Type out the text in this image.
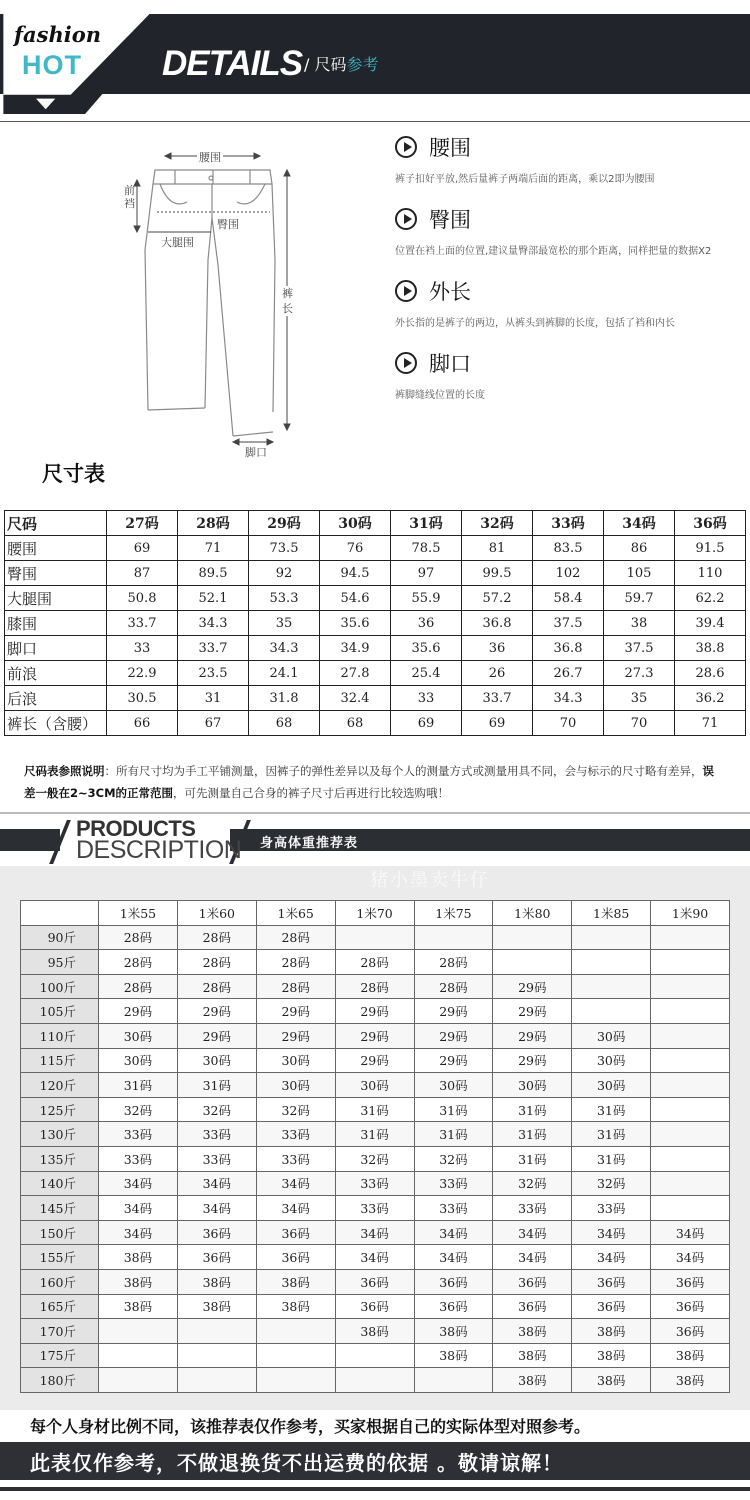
fashion
HOT DETAILS / 尺码参考
腰围
前裆
臀围
大腿围
裤长
脚口
腰围
裤子扣好平放,然后量裤子两端后面的距离，乘以2即为腰围
臀围
位置在裆上面的位置,建议量臀部最宽松的那个距离，同样把量的数据X2
外长
外长指的是裤子的两边，从裤头到裤脚的长度，包括了裆和内长
脚口
裤脚缝线位置的长度
尺寸表
尺码	27码	28码	29码	30码	31码	32码	33码	34码	36码
腰围	69	71	73.5	76	78.5	81	83.5	86	91.5
臀围	87	89.5	92	94.5	97	99.5	102	105	110
大腿围	50.8	52.1	53.3	54.6	55.9	57.2	58.4	59.7	62.2
膝围	33.7	34.3	35	35.6	36	36.8	37.5	38	39.4
脚口	33	33.7	34.3	34.9	35.6	36	36.8	37.5	38.8
前浪	22.9	23.5	24.1	27.8	25.4	26	26.7	27.3	28.6
后浪	30.5	31	31.8	32.4	33	33.7	34.3	35	36.2
裤长（含腰）	66	67	68	68	69	69	70	70	71
尺码表参照说明：所有尺寸均为手工平铺测量，因裤子的弹性差异以及每个人的测量方式或测量用具不同，会与标示的尺寸略有差异，误差一般在2~3CM的正常范围，可先测量自己合身的裤子尺寸后再进行比较选购哦！
PRODUCTS
DESCRIPTION 身高体重推荐表
猪小墨卖牛仔
	1米55	1米60	1米65	1米70	1米75	1米80	1米85	1米90
90斤	28码	28码	28码					
95斤	28码	28码	28码	28码	28码			
100斤	28码	28码	28码	28码	28码	29码		
105斤	29码	29码	29码	29码	29码	29码		
110斤	30码	29码	29码	29码	29码	29码	30码	
115斤	30码	30码	30码	29码	29码	29码	30码	
120斤	31码	31码	30码	30码	30码	30码	30码	
125斤	32码	32码	32码	31码	31码	31码	31码	
130斤	33码	33码	33码	31码	31码	31码	31码	
135斤	33码	33码	33码	32码	32码	31码	31码	
140斤	34码	34码	34码	33码	33码	32码	32码	
145斤	34码	34码	34码	33码	33码	33码	33码	
150斤	34码	36码	36码	34码	34码	34码	34码	34码
155斤	38码	36码	36码	34码	34码	34码	34码	34码
160斤	38码	38码	38码	36码	36码	36码	36码	36码
165斤	38码	38码	38码	36码	36码	36码	36码	36码
170斤				38码	38码	38码	38码	36码
175斤					38码	38码	38码	38码
180斤						38码	38码	38码
每个人身材比例不同，该推荐表仅作参考，买家根据自己的实际体型对照参考。
此表仅作参考，不做退换货不出运费的依据 。敬请谅解！
